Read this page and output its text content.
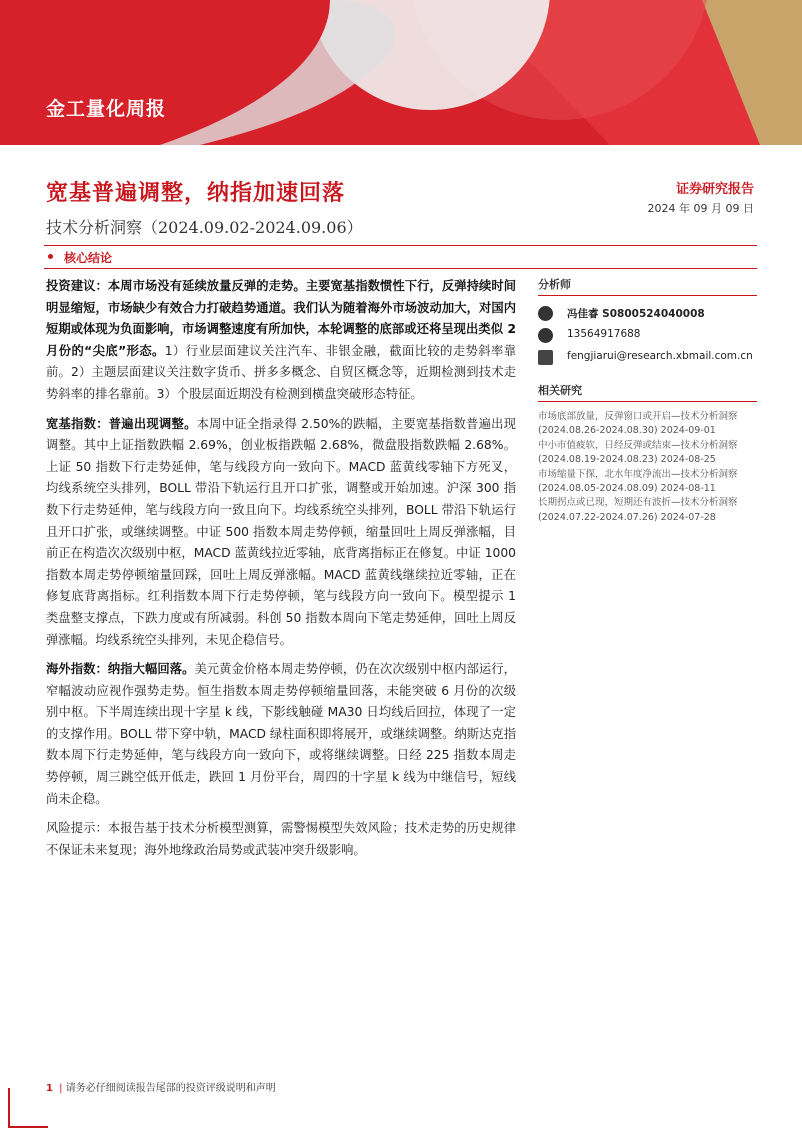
金工量化周报
宽基普遍调整，纳指加速回落
技术分析洞察（2024.09.02-2024.09.06）
证券研究报告
2024 年 09 月 09 日
核心结论

投资建议：本周市场没有延续放量反弹的走势。主要宽基指数惯性下行，反弹持续时间明显缩短，市场缺少有效合力打破趋势通道。我们认为随着海外市场波动加大，对国内短期或体现为负面影响，市场调整速度有所加快，本轮调整的底部或还将呈现出类似 2 月份的“尖底”形态。1）行业层面建议关注汽车、非银金融，截面比较的走势斜率靠前。2）主题层面建议关注数字货币、拼多多概念、自贸区概念等，近期检测到技术走势斜率的排名靠前。3）个股层面近期没有检测到横盘突破形态特征。

宽基指数：普遍出现调整。本周中证全指录得 2.50%的跌幅，主要宽基指数普遍出现调整。其中上证指数跌幅 2.69%，创业板指跌幅 2.68%，微盘股指数跌幅 2.68%。上证 50 指数下行走势延伸，笔与线段方向一致向下。MACD 蓝黄线零轴下方死叉，均线系统空头排列，BOLL 带沿下轨运行且开口扩张，调整或开始加速。沪深 300 指数下行走势延伸，笔与线段方向一致且向下。均线系统空头排列，BOLL 带沿下轨运行且开口扩张，或继续调整。中证 500 指数本周走势停顿，缩量回吐上周反弹涨幅，目前正在构造次次级别中枢，MACD 蓝黄线拉近零轴，底背离指标正在修复。中证 1000 指数本周走势停顿缩量回踩，回吐上周反弹涨幅。MACD 蓝黄线继续拉近零轴，正在修复底背离指标。红利指数本周下行走势停顿，笔与线段方向一致向下。模型提示 1 类盘整支撑点，下跌力度或有所减弱。科创 50 指数本周向下笔走势延伸，回吐上周反弹涨幅。均线系统空头排列，未见企稳信号。

海外指数：纳指大幅回落。美元黄金价格本周走势停顿，仍在次次级别中枢内部运行，窄幅波动应视作强势走势。恒生指数本周走势停顿缩量回落，未能突破 6 月份的次级别中枢。下半周连续出现十字星 k 线，下影线触碰 MA30 日均线后回拉，体现了一定的支撑作用。BOLL 带下穿中轨，MACD 绿柱面积即将展开，或继续调整。纳斯达克指数本周下行走势延伸，笔与线段方向一致向下，或将继续调整。日经 225 指数本周走势停顿，周三跳空低开低走，跌回 1 月份平台，周四的十字星 k 线为中继信号，短线尚未企稳。

风险提示：本报告基于技术分析模型测算，需警惕模型失效风险；技术走势的历史规律不保证未来复现；海外地缘政治局势或武装冲突升级影响。

分析师
冯佳睿 S0800524040008
13564917688
fengjiarui@research.xbmail.com.cn
相关研究
市场底部放量，反弹窗口或开启—技术分析洞察(2024.08.26-2024.08.30) 2024-09-01
中小市值疲软，日经反弹或结束—技术分析洞察(2024.08.19-2024.08.23) 2024-08-25
市场缩量下探，北水年度净流出—技术分析洞察(2024.08.05-2024.08.09) 2024-08-11
长期拐点或已现，短期还有波折—技术分析洞察(2024.07.22-2024.07.26) 2024-07-28
1 | 请务必仔细阅读报告尾部的投资评级说明和声明
